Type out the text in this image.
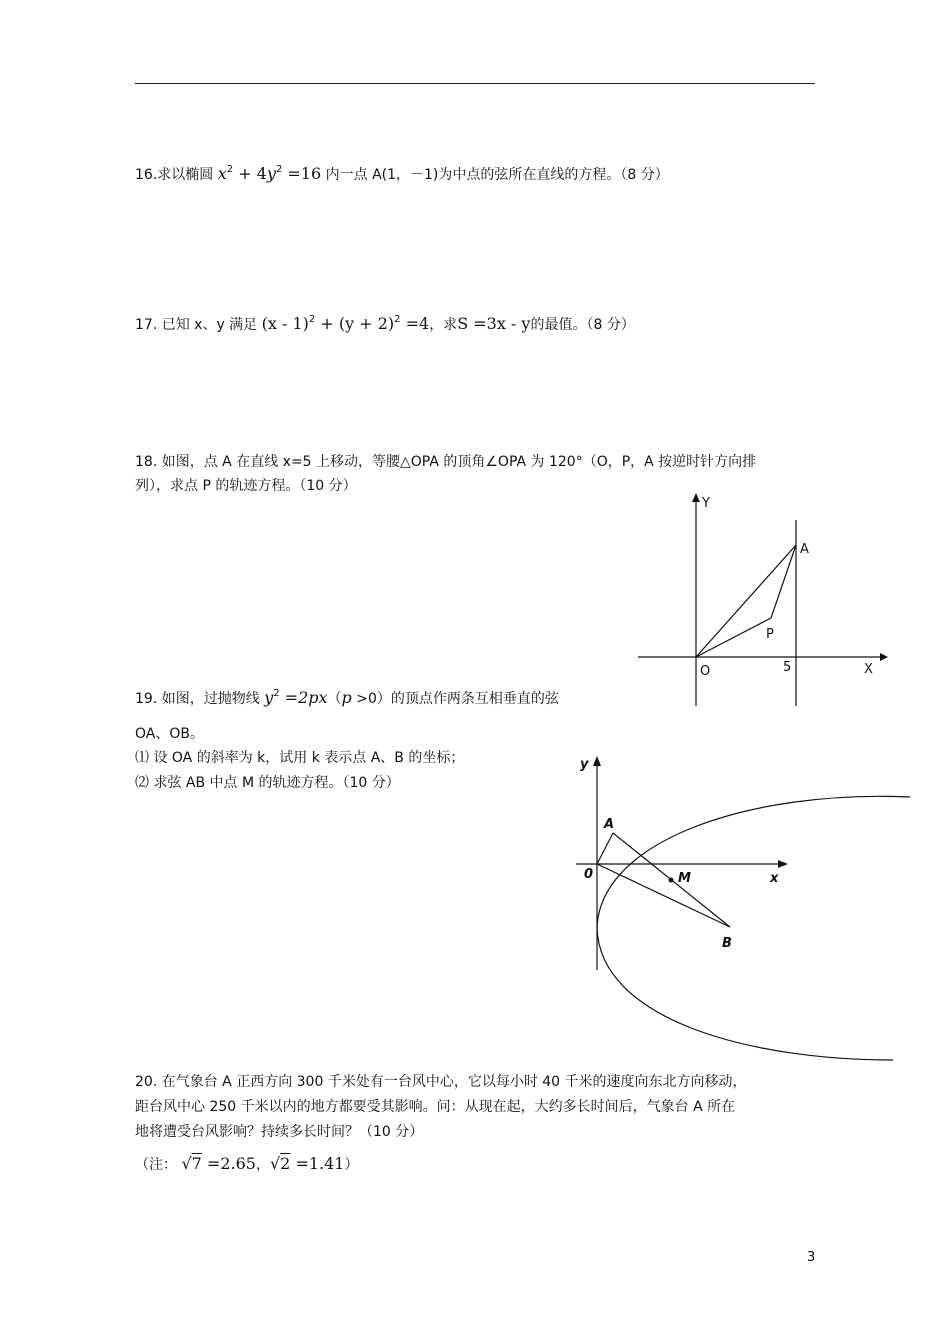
16.求以椭圆 $x^2 + 4y^2 =16$ 内一点 A(1，－1)为中点的弦所在直线的方程。（8 分）
17. 已知 x、y 满足 $(x - 1)^2 + (y + 2)^2 =4$，求S =3x - y的最值。（8 分）
18. 如图，点 A 在直线 x=5 上移动，等腰△OPA 的顶角∠OPA 为 120°（O，P，A 按逆时针方向排
列），求点 P 的轨迹方程。（10 分）
Y
X
O
A
P
5
19. 如图，过抛物线 $y^2 =2px(p >0)$的顶点作两条互相垂直的弦
OA、OB。
⑴ 设 OA 的斜率为 k，试用 k 表示点 A、B 的坐标；
⑵ 求弦 AB 中点 M 的轨迹方程。（10 分）
y
x
0
A
B
M
20. 在气象台 A 正西方向 300 千米处有一台风中心，它以每小时 40 千米的速度向东北方向移动，
距台风中心 250 千米以内的地方都要受其影响。问：从现在起，大约多长时间后，气象台 A 所在
地将遭受台风影响？持续多长时间？（10 分）
（注： √7 =2.65，√2 =1.41）
3
